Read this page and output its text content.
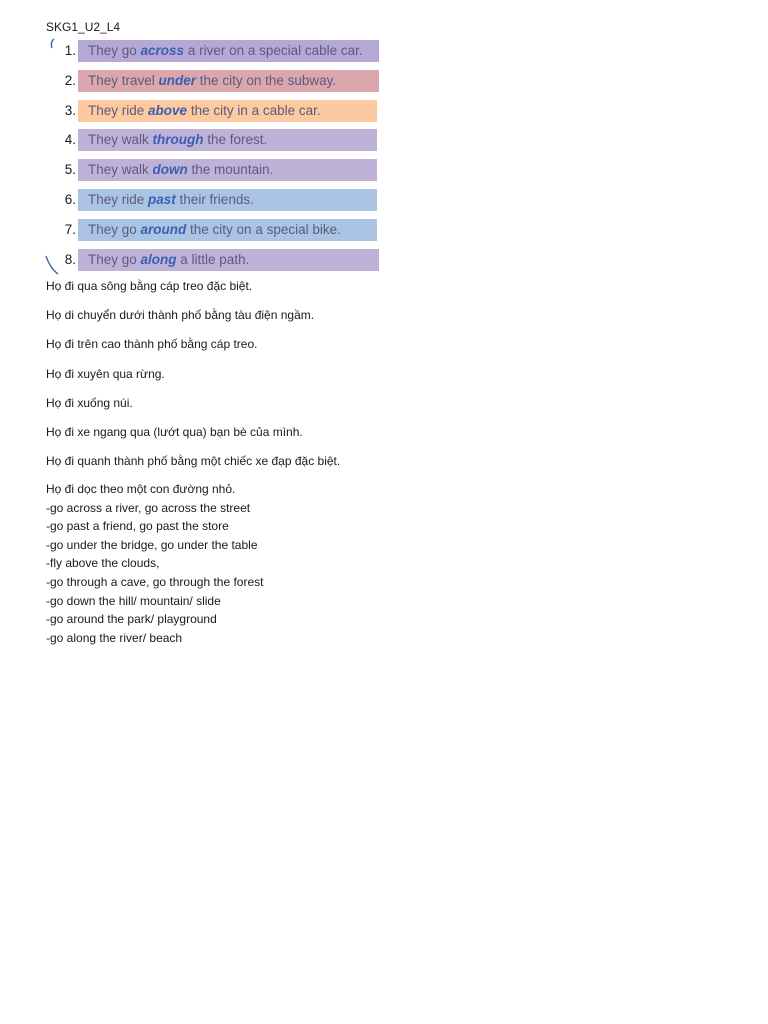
SKG1_U2_L4
1. They go across a river on a special cable car.
2. They travel under the city on the subway.
3. They ride above the city in a cable car.
4. They walk through the forest.
5. They walk down the mountain.
6. They ride past their friends.
7. They go around the city on a special bike.
8. They go along a little path.
Họ đi qua sông bằng cáp treo đặc biệt.
Họ di chuyển dưới thành phố bằng tàu điện ngầm.
Họ đi trên cao thành phố bằng cáp treo.
Họ đi xuyên qua rừng.
Họ đi xuống núi.
Họ đi xe ngang qua (lướt qua) bạn bè của mình.
Họ đi quanh thành phố bằng một chiếc xe đạp đặc biệt.
Họ đi dọc theo một con đường nhỏ.
-go across a river, go across the street
-go past a friend, go past the store
-go under the bridge, go under the table
-fly above the clouds,
-go through a cave, go through the forest
-go down the hill/ mountain/ slide
-go around the park/ playground
-go along the river/ beach
